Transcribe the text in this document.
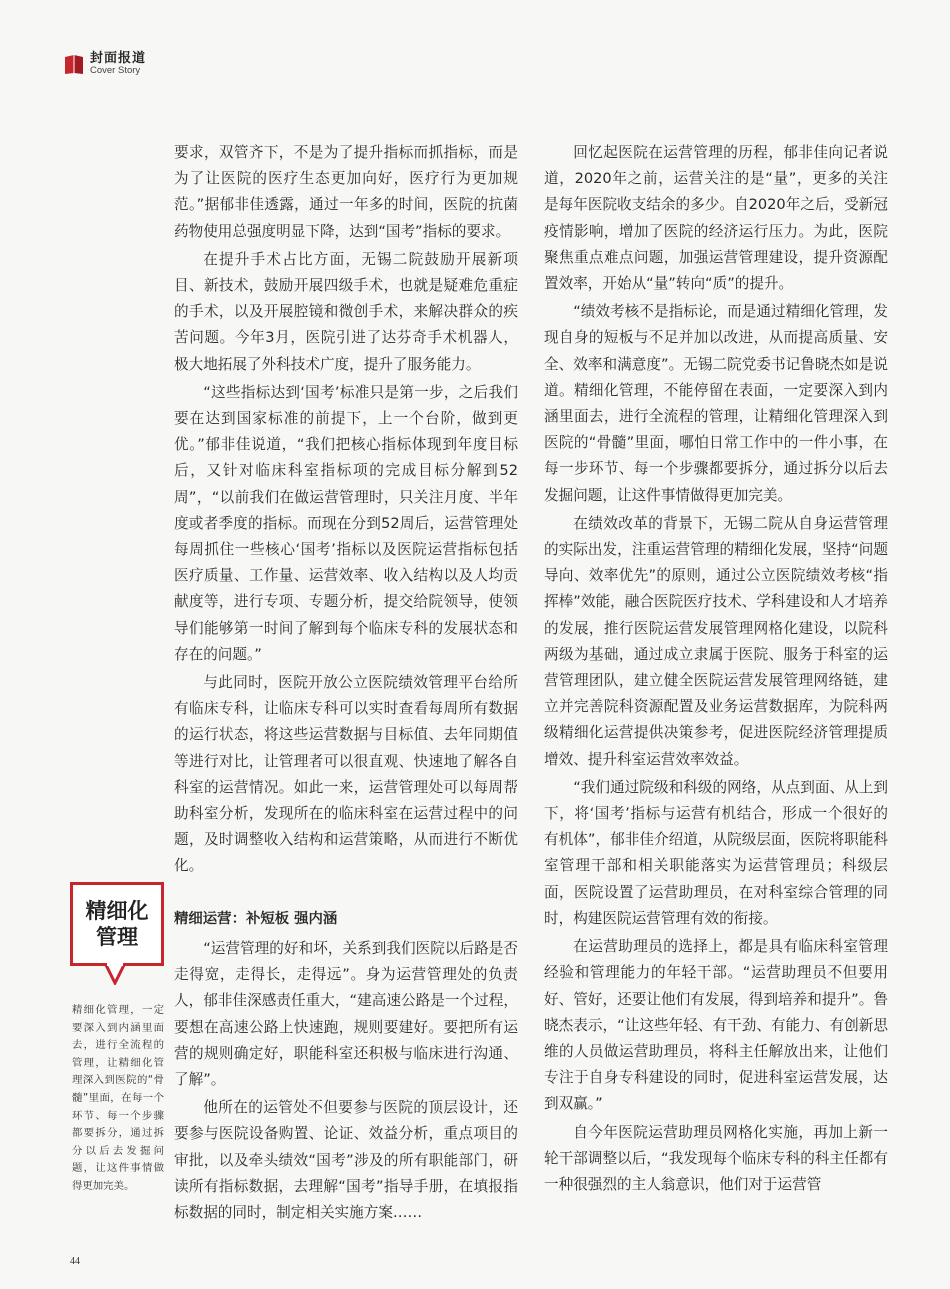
封面报道
Cover Story

要求，双管齐下，不是为了提升指标而抓指标，而是为了让医院的医疗生态更加向好，医疗行为更加规范。”据郁非佳透露，通过一年多的时间，医院的抗菌药物使用总强度明显下降，达到“国考”指标的要求。

在提升手术占比方面，无锡二院鼓励开展新项目、新技术，鼓励开展四级手术，也就是疑难危重症的手术，以及开展腔镜和微创手术，来解决群众的疾苦问题。今年3月，医院引进了达芬奇手术机器人，极大地拓展了外科技术广度，提升了服务能力。

“这些指标达到‘国考’标准只是第一步，之后我们要在达到国家标准的前提下，上一个台阶，做到更优。”郁非佳说道，“我们把核心指标体现到年度目标后，又针对临床科室指标项的完成目标分解到52周”，“以前我们在做运营管理时，只关注月度、半年度或者季度的指标。而现在分到52周后，运营管理处每周抓住一些核心‘国考’指标以及医院运营指标包括医疗质量、工作量、运营效率、收入结构以及人均贡献度等，进行专项、专题分析，提交给院领导，使领导们能够第一时间了解到每个临床专科的发展状态和存在的问题。”

与此同时，医院开放公立医院绩效管理平台给所有临床专科，让临床专科可以实时查看每周所有数据的运行状态，将这些运营数据与目标值、去年同期值等进行对比，让管理者可以很直观、快速地了解各自科室的运营情况。如此一来，运营管理处可以每周帮助科室分析，发现所在的临床科室在运营过程中的问题，及时调整收入结构和运营策略，从而进行不断优化。

精细运营：补短板 强内涵

“运营管理的好和坏，关系到我们医院以后路是否走得宽，走得长，走得远”。身为运营管理处的负责人，郁非佳深感责任重大，“建高速公路是一个过程，要想在高速公路上快速跑，规则要建好。要把所有运营的规则确定好，职能科室还积极与临床进行沟通、了解”。

他所在的运管处不但要参与医院的顶层设计，还要参与医院设备购置、论证、效益分析，重点项目的审批，以及牵头绩效“国考”涉及的所有职能部门，研读所有指标数据，去理解“国考”指导手册，在填报指标数据的同时，制定相关实施方案……

回忆起医院在运营管理的历程，郁非佳向记者说道，2020年之前，运营关注的是“量”，更多的关注是每年医院收支结余的多少。自2020年之后，受新冠疫情影响，增加了医院的经济运行压力。为此，医院聚焦重点难点问题，加强运营管理建设，提升资源配置效率，开始从“量”转向“质”的提升。

“绩效考核不是指标论，而是通过精细化管理，发现自身的短板与不足并加以改进，从而提高质量、安全、效率和满意度”。无锡二院党委书记鲁晓杰如是说道。精细化管理，不能停留在表面，一定要深入到内涵里面去，进行全流程的管理，让精细化管理深入到医院的“骨髓”里面，哪怕日常工作中的一件小事，在每一步环节、每一个步骤都要拆分，通过拆分以后去发掘问题，让这件事情做得更加完美。

在绩效改革的背景下，无锡二院从自身运营管理的实际出发，注重运营管理的精细化发展，坚持“问题导向、效率优先”的原则，通过公立医院绩效考核“指挥棒”效能，融合医院医疗技术、学科建设和人才培养的发展，推行医院运营发展管理网格化建设，以院科两级为基础，通过成立隶属于医院、服务于科室的运营管理团队，建立健全医院运营发展管理网络链，建立并完善院科资源配置及业务运营数据库，为院科两级精细化运营提供决策参考，促进医院经济管理提质增效、提升科室运营效率效益。

“我们通过院级和科级的网络，从点到面、从上到下，将‘国考’指标与运营有机结合，形成一个很好的有机体”，郁非佳介绍道，从院级层面，医院将职能科室管理干部和相关职能落实为运营管理员；科级层面，医院设置了运营助理员，在对科室综合管理的同时，构建医院运营管理有效的衔接。

在运营助理员的选择上，都是具有临床科室管理经验和管理能力的年轻干部。“运营助理员不但要用好、管好，还要让他们有发展，得到培养和提升”。鲁晓杰表示，“让这些年轻、有干劲、有能力、有创新思维的人员做运营助理员，将科主任解放出来，让他们专注于自身专科建设的同时，促进科室运营发展，达到双赢。”

自今年医院运营助理员网格化实施，再加上新一轮干部调整以后，“我发现每个临床专科的科主任都有一种很强烈的主人翁意识，他们对于运营管

精细化
管理
精细化管理，一定要深入到内涵里面去，进行全流程的管理，让精细化管理深入到医院的“骨髓”里面，在每一个环节、每一个步骤都要拆分，通过拆分以后去发掘问题，让这件事情做得更加完美。
44
